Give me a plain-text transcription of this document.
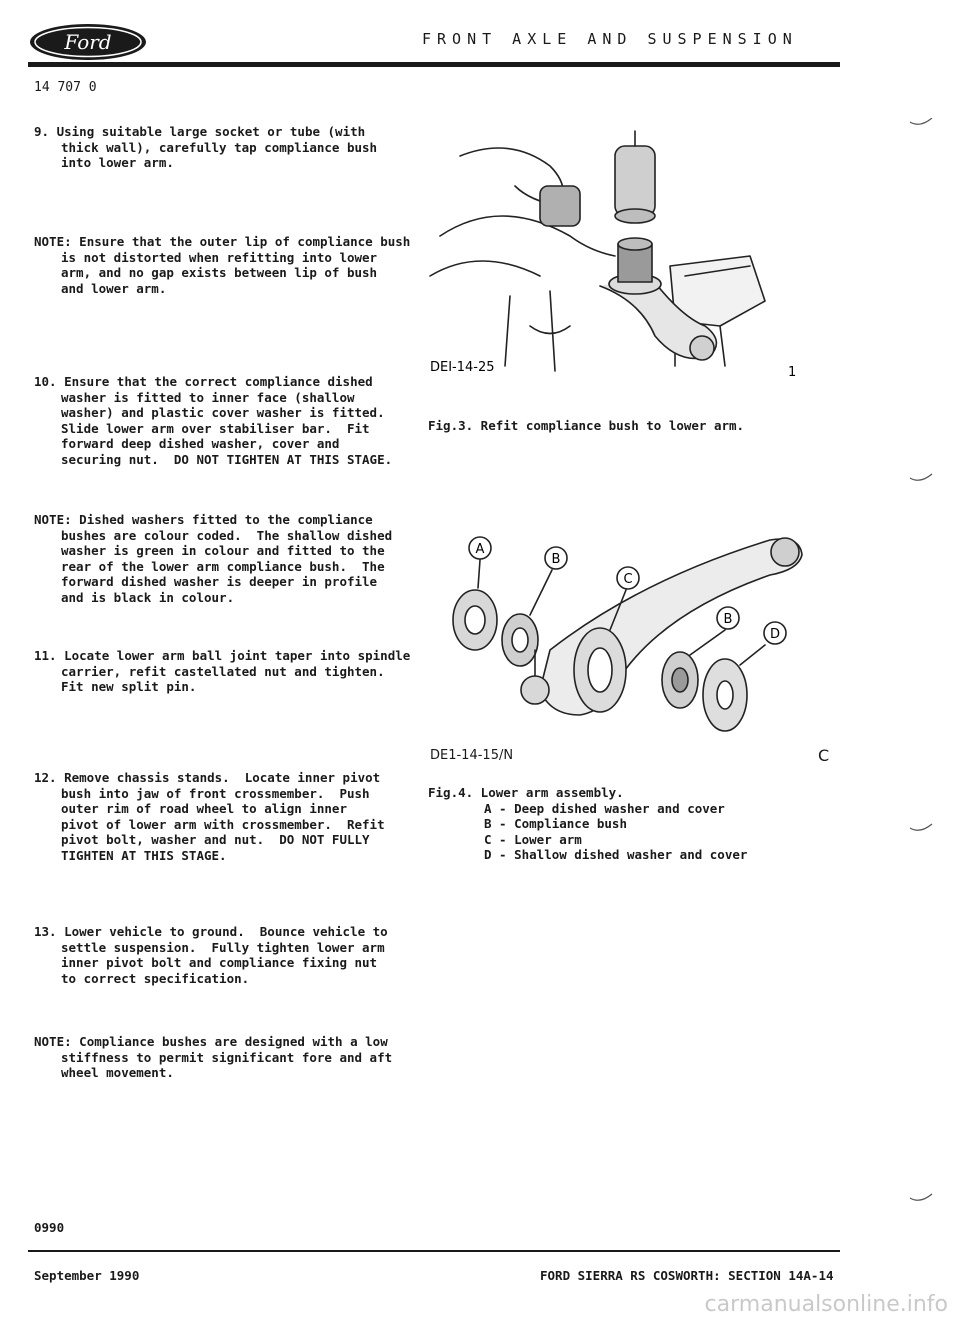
Ford	FRONT AXLE AND SUSPENSION
14 707 0
9. Using suitable large socket or tube (with
thick wall), carefully tap compliance bush
into lower arm.
NOTE: Ensure that the outer lip of compliance bush
is not distorted when refitting into lower
arm, and no gap exists between lip of bush
and lower arm.
10. Ensure that the correct compliance dished
washer is fitted to inner face (shallow
washer) and plastic cover washer is fitted.
Slide lower arm over stabiliser bar.  Fit
forward deep dished washer, cover and
securing nut.  DO NOT TIGHTEN AT THIS STAGE.
NOTE: Dished washers fitted to the compliance
bushes are colour coded.  The shallow dished
washer is green in colour and fitted to the
rear of the lower arm compliance bush.  The
forward dished washer is deeper in profile
and is black in colour.
11. Locate lower arm ball joint taper into spindle
carrier, refit castellated nut and tighten.
Fit new split pin.
12. Remove chassis stands.  Locate inner pivot
bush into jaw of front crossmember.  Push
outer rim of road wheel to align inner
pivot of lower arm with crossmember.  Refit
pivot bolt, washer and nut.  DO NOT FULLY
TIGHTEN AT THIS STAGE.
13. Lower vehicle to ground.  Bounce vehicle to
settle suspension.  Fully tighten lower arm
inner pivot bolt and compliance fixing nut
to correct specification.
NOTE: Compliance bushes are designed with a low
stiffness to permit significant fore and aft
wheel movement.
DEI-14-25	1
Fig.3. Refit compliance bush to lower arm.
A
B
C
B
D
DE1-14-15/N	C
Fig.4. Lower arm assembly.
A - Deep dished washer and cover
B - Compliance bush
C - Lower arm
D - Shallow dished washer and cover
0990
September 1990	FORD SIERRA RS COSWORTH: SECTION 14A-14
carmanualsonline.info
